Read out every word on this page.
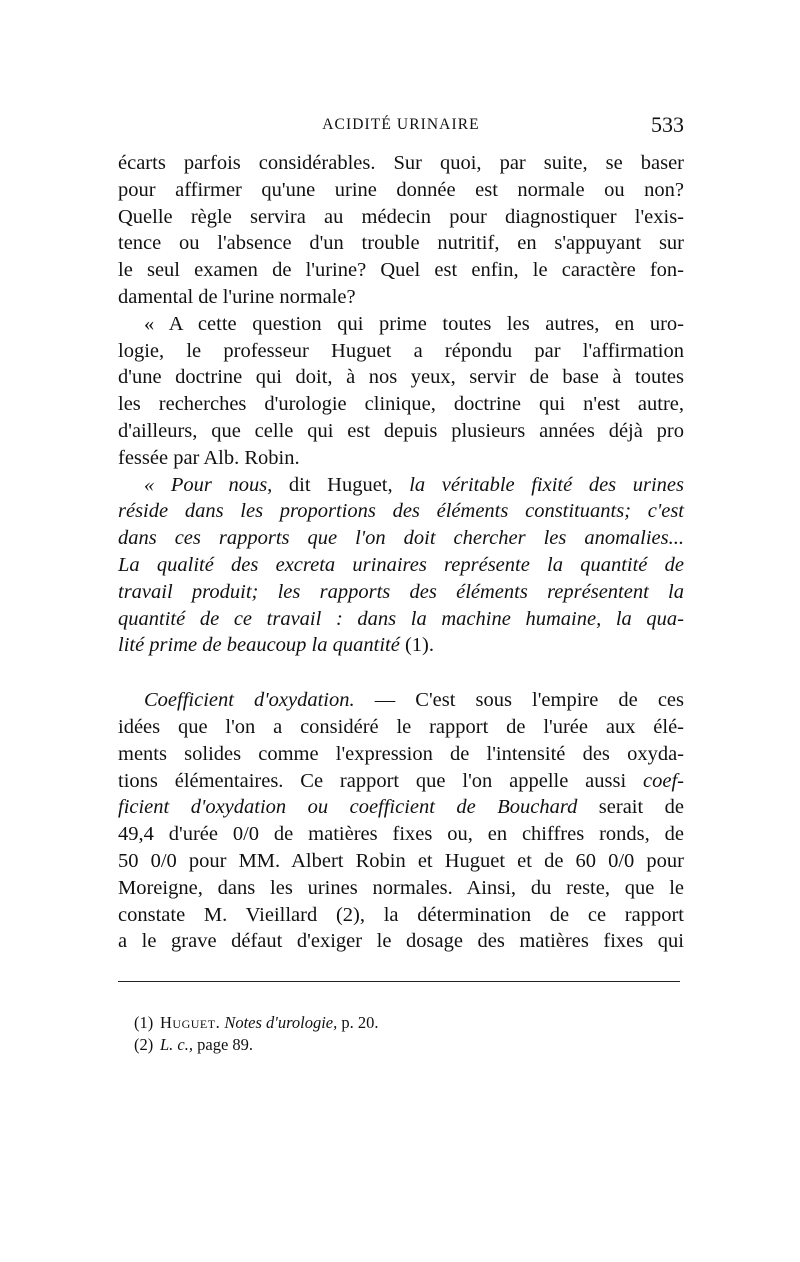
ACIDITÉ URINAIRE	533
écarts parfois considérables. Sur quoi, par suite, se baser
pour affirmer qu'une urine donnée est normale ou non?
Quelle règle servira au médecin pour diagnostiquer l'exis-
tence ou l'absence d'un trouble nutritif, en s'appuyant sur
le seul examen de l'urine? Quel est enfin, le caractère fon-
damental de l'urine normale?
« A cette question qui prime toutes les autres, en uro-
logie, le professeur Huguet a répondu par l'affirmation
d'une doctrine qui doit, à nos yeux, servir de base à toutes
les recherches d'urologie clinique, doctrine qui n'est autre,
d'ailleurs, que celle qui est depuis plusieurs années déjà pro
fessée par Alb. Robin.
« Pour nous, dit Huguet, la véritable fixité des urines
réside dans les proportions des éléments constituants; c'est
dans ces rapports que l'on doit chercher les anomalies...
La qualité des excreta urinaires représente la quantité de
travail produit; les rapports des éléments représentent la
quantité de ce travail : dans la machine humaine, la qua-
lité prime de beaucoup la quantité (1).
Coefficient d'oxydation. — C'est sous l'empire de ces
idées que l'on a considéré le rapport de l'urée aux élé-
ments solides comme l'expression de l'intensité des oxyda-
tions élémentaires. Ce rapport que l'on appelle aussi coef-
ficient d'oxydation ou coefficient de Bouchard serait de
49,4 d'urée 0/0 de matières fixes ou, en chiffres ronds, de
50 0/0 pour MM. Albert Robin et Huguet et de 60 0/0 pour
Moreigne, dans les urines normales. Ainsi, du reste, que le
constate M. Vieillard (2), la détermination de ce rapport
a le grave défaut d'exiger le dosage des matières fixes qui
(1) Huguet. Notes d'urologie, p. 20.
(2) L. c., page 89.
